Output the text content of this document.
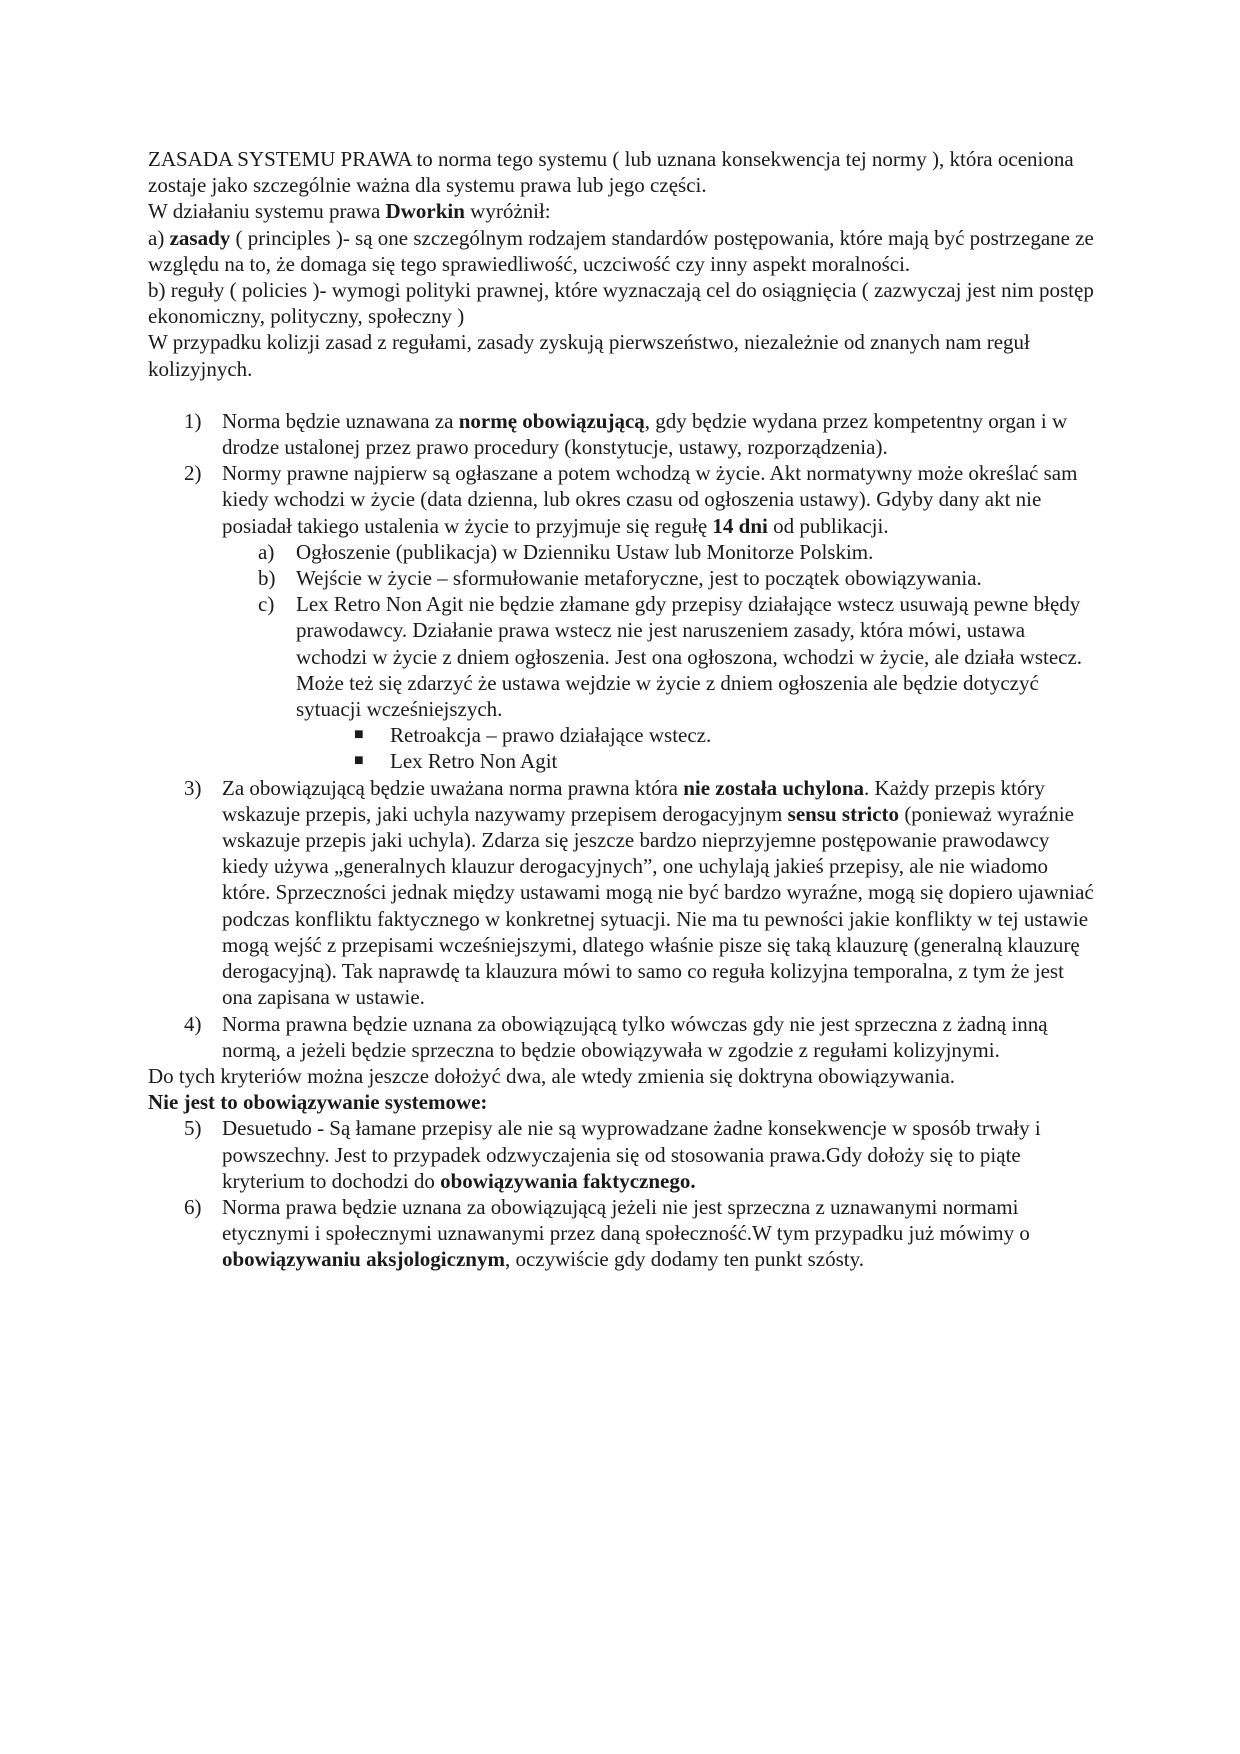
ZASADA SYSTEMU PRAWA to norma tego systemu ( lub uznana konsekwencja tej normy ), która oceniona zostaje jako szczególnie ważna dla systemu prawa lub jego części.

W działaniu systemu prawa Dworkin wyróżnił:

a) zasady ( principles )- są one szczególnym rodzajem standardów postępowania, które mają być postrzegane ze względu na to, że domaga się tego sprawiedliwość, uczciwość czy inny aspekt moralności.

b) reguły ( policies )- wymogi polityki prawnej, które wyznaczają cel do osiągnięcia ( zazwyczaj jest nim postęp ekonomiczny, polityczny, społeczny )

W przypadku kolizji zasad z regułami, zasady zyskują pierwszeństwo, niezależnie od znanych nam reguł kolizyjnych.

1) Norma będzie uznawana za normę obowiązującą, gdy będzie wydana przez kompetentny organ i w drodze ustalonej przez prawo procedury (konstytucje, ustawy, rozporządzenia).
2) Normy prawne najpierw są ogłaszane a potem wchodzą w życie. Akt normatywny może określać sam kiedy wchodzi w życie (data dzienna, lub okres czasu od ogłoszenia ustawy). Gdyby dany akt nie posiadał takiego ustalenia w życie to przyjmuje się regułę 14 dni od publikacji.
a) Ogłoszenie (publikacja) w Dzienniku Ustaw lub Monitorze Polskim.
b) Wejście w życie – sformułowanie metaforyczne, jest to początek obowiązywania.
c) Lex Retro Non Agit nie będzie złamane gdy przepisy działające wstecz usuwają pewne błędy prawodawcy. Działanie prawa wstecz nie jest naruszeniem zasady, która mówi, ustawa wchodzi w życie z dniem ogłoszenia. Jest ona ogłoszona, wchodzi w życie, ale działa wstecz. Może też się zdarzyć że ustawa wejdzie w życie z dniem ogłoszenia ale będzie dotyczyć sytuacji wcześniejszych.
■ Retroakcja – prawo działające wstecz.
■ Lex Retro Non Agit
3) Za obowiązującą będzie uważana norma prawna która nie została uchylona. Każdy przepis który wskazuje przepis, jaki uchyla nazywamy przepisem derogacyjnym sensu stricto (ponieważ wyraźnie wskazuje przepis jaki uchyla). Zdarza się jeszcze bardzo nieprzyjemne postępowanie prawodawcy kiedy używa „generalnych klauzur derogacyjnych”, one uchylają jakieś przepisy, ale nie wiadomo które. Sprzeczności jednak między ustawami mogą nie być bardzo wyraźne, mogą się dopiero ujawniać podczas konfliktu faktycznego w konkretnej sytuacji. Nie ma tu pewności jakie konflikty w tej ustawie mogą wejść z przepisami wcześniejszymi, dlatego właśnie pisze się taką klauzurę (generalną klauzurę derogacyjną). Tak naprawdę ta klauzura mówi to samo co reguła kolizyjna temporalna, z tym że jest ona zapisana w ustawie.
4) Norma prawna będzie uznana za obowiązującą tylko wówczas gdy nie jest sprzeczna z żadną inną normą, a jeżeli będzie sprzeczna to będzie obowiązywała w zgodzie z regułami kolizyjnymi.

Do tych kryteriów można jeszcze dołożyć dwa, ale wtedy zmienia się doktryna obowiązywania.

Nie jest to obowiązywanie systemowe:

5) Desuetudo - Są łamane przepisy ale nie są wyprowadzane żadne konsekwencje w sposób trwały i powszechny. Jest to przypadek odzwyczajenia się od stosowania prawa.Gdy dołoży się to piąte kryterium to dochodzi do obowiązywania faktycznego.
6) Norma prawa będzie uznana za obowiązującą jeżeli nie jest sprzeczna z uznawanymi normami etycznymi i społecznymi uznawanymi przez daną społeczność.W tym przypadku już mówimy o obowiązywaniu aksjologicznym, oczywiście gdy dodamy ten punkt szósty.
